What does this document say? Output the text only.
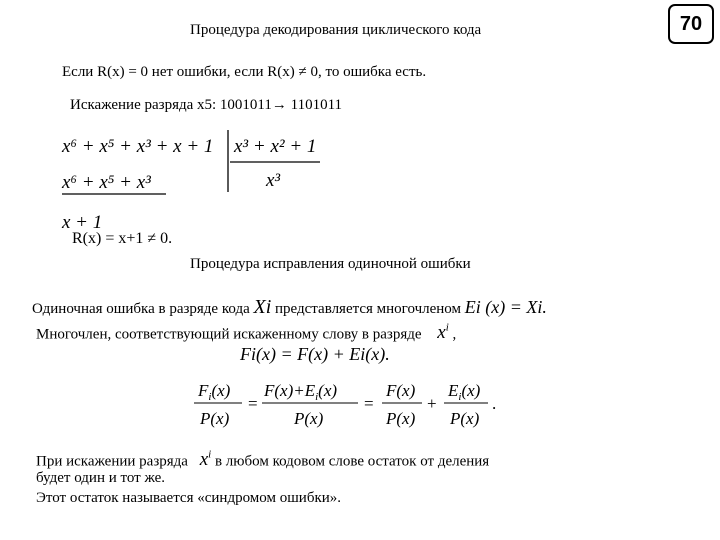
70
Процедура декодирования циклического кода
Если R(x) = 0 нет ошибки, если R(x) ≠ 0, то ошибка есть.
Искажение разряда х5: 1001011→ 1101011
x⁶ + x⁵ + x³ + x + 1 x³ + x² + 1
x⁶ + x⁵ + x³	x³
x + 1
R(x) = x+1 ≠ 0.
Процедура исправления одиночной ошибки
Одиночная ошибка в разряде кода Xi представляется многочленом Ei (x) = Xi.
Многочлен, соответствующий искаженному слову в разряде $x^i$ ,
Fi(x) = F(x) + Ei(x).
$F_i(x)$
P(x)
=
$F(x)+E_i(x)$
P(x)
=
F(x)
P(x)
+
$E_i(x)$
P(x)
.
Fi(x)/P(x) = (F(x)+Ei(x))/P(x) = F(x)/P(x) + Ei(x)/P(x).
При искажении разряда $x^i$ в любом кодовом слове остаток от деления
будет один и тот же.
Этот остаток называется «синдромом ошибки».
